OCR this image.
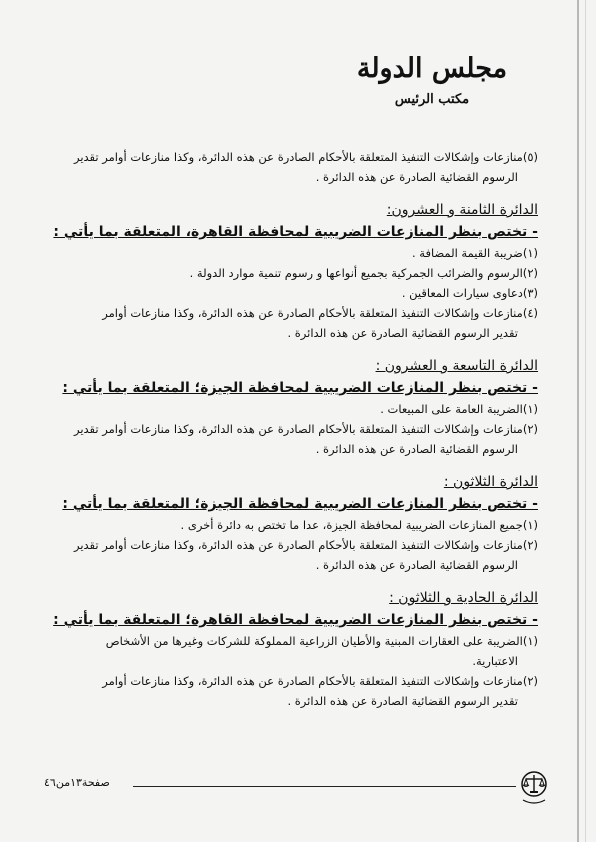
مجلس الدولة
مكتب الرئيس

(٥)منازعات وإشكالات التنفيذ المتعلقة بالأحكام الصادرة عن هذه الدائرة، وكذا منازعات أوامر تقدير

الرسوم القضائية الصادرة عن هذه الدائرة .

الدائرة الثامنة و العشرون:
- تختص بنظر المنازعات الضريبية لمحافظة القاهرة، المتعلقة بما يأتي :

(١)ضريبة القيمة المضافة .

(٢)الرسوم والضرائب الجمركية بجميع أنواعها و رسوم تنمية موارد الدولة .

(٣)دعاوى سيارات المعاقين .

(٤)منازعات وإشكالات التنفيذ المتعلقة بالأحكام الصادرة عن هذه الدائرة، وكذا منازعات أوامر

تقدير الرسوم القضائية الصادرة عن هذه الدائرة .

الدائرة التاسعة و العشرون :
- تختص بنظر المنازعات الضريبية لمحافظة الجيزة؛ المتعلقة بما يأتي :

(١)الضريبة العامة على المبيعات .

(٢)منازعات وإشكالات التنفيذ المتعلقة بالأحكام الصادرة عن هذه الدائرة، وكذا منازعات أوامر تقدير

الرسوم القضائية الصادرة عن هذه الدائرة .

الدائرة الثلاثون :
- تختص بنظر المنازعات الضريبية لمحافظة الجيزة؛ المتعلقة بما يأتي :

(١)جميع المنازعات الضريبية لمحافظة الجيزة، عدا ما تختص به دائرة أخرى .

(٢)منازعات وإشكالات التنفيذ المتعلقة بالأحكام الصادرة عن هذه الدائرة، وكذا منازعات أوامر تقدير

الرسوم القضائية الصادرة عن هذه الدائرة .

الدائرة الحادية و الثلاثون :
- تختص بنظر المنازعات الضريبية لمحافظة القاهرة؛ المتعلقة بما يأتي :

(١)الضريبة على العقارات المبنية والأطيان الزراعية المملوكة للشركات وغيرها من الأشخاص

الاعتبارية.

(٢)منازعات وإشكالات التنفيذ المتعلقة بالأحكام الصادرة عن هذه الدائرة، وكذا منازعات أوامر

تقدير الرسوم القضائية الصادرة عن هذه الدائرة .

صفحة١٣من٤٦
